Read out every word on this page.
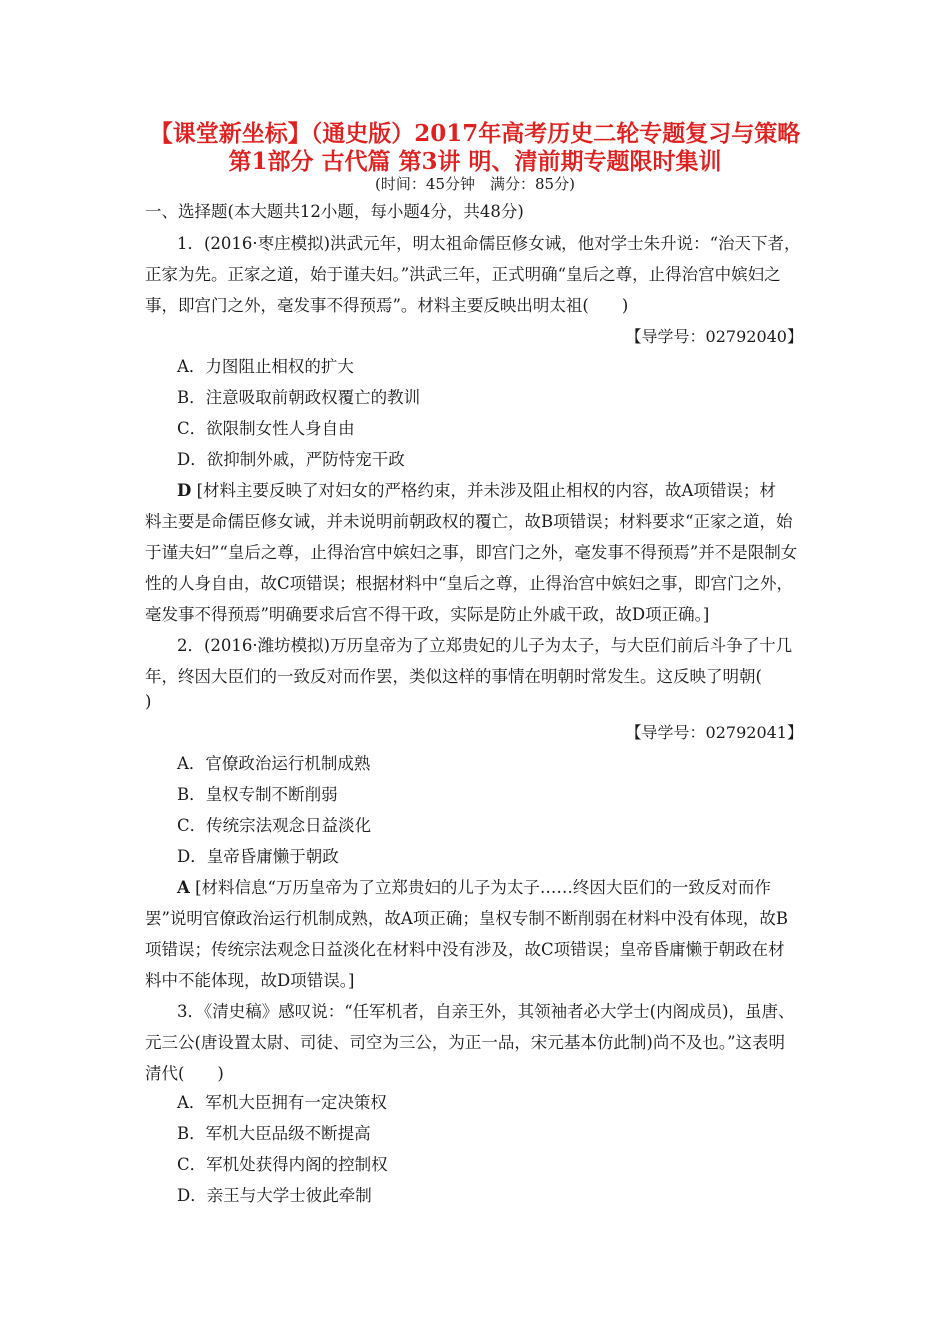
【课堂新坐标】（通史版）2017年高考历史二轮专题复习与策略
第1部分 古代篇 第3讲 明、清前期专题限时集训
(时间：45分钟　满分：85分)
一、选择题(本大题共12小题，每小题4分，共48分)
1．(2016·枣庄模拟)洪武元年，明太祖命儒臣修女诫，他对学士朱升说：“治天下者，
正家为先。正家之道，始于谨夫妇。”洪武三年，正式明确“皇后之尊，止得治宫中嫔妇之
事，即宫门之外，毫发事不得预焉”。材料主要反映出明太祖(　　)
【导学号：02792040】
A．力图阻止相权的扩大
B．注意吸取前朝政权覆亡的教训
C．欲限制女性人身自由
D．欲抑制外戚，严防恃宠干政
D [材料主要反映了对妇女的严格约束，并未涉及阻止相权的内容，故A项错误；材
料主要是命儒臣修女诫，并未说明前朝政权的覆亡，故B项错误；材料要求“正家之道，始
于谨夫妇”“皇后之尊，止得治宫中嫔妇之事，即宫门之外，毫发事不得预焉”并不是限制女
性的人身自由，故C项错误；根据材料中“皇后之尊，止得治宫中嫔妇之事，即宫门之外，
毫发事不得预焉”明确要求后宫不得干政，实际是防止外戚干政，故D项正确。]
2．(2016·潍坊模拟)万历皇帝为了立郑贵妃的儿子为太子，与大臣们前后斗争了十几
年，终因大臣们的一致反对而作罢，类似这样的事情在明朝时常发生。这反映了明朝(
)
【导学号：02792041】
A．官僚政治运行机制成熟
B．皇权专制不断削弱
C．传统宗法观念日益淡化
D．皇帝昏庸懒于朝政
A [材料信息“万历皇帝为了立郑贵妇的儿子为太子……终因大臣们的一致反对而作
罢”说明官僚政治运行机制成熟，故A项正确；皇权专制不断削弱在材料中没有体现，故B
项错误；传统宗法观念日益淡化在材料中没有涉及，故C项错误；皇帝昏庸懒于朝政在材
料中不能体现，故D项错误。]
3．《清史稿》感叹说：“任军机者，自亲王外，其领袖者必大学士(内阁成员)，虽唐、
元三公(唐设置太尉、司徒、司空为三公，为正一品，宋元基本仿此制)尚不及也。”这表明
清代(　　)
A．军机大臣拥有一定决策权
B．军机大臣品级不断提高
C．军机处获得内阁的控制权
D．亲王与大学士彼此牵制
